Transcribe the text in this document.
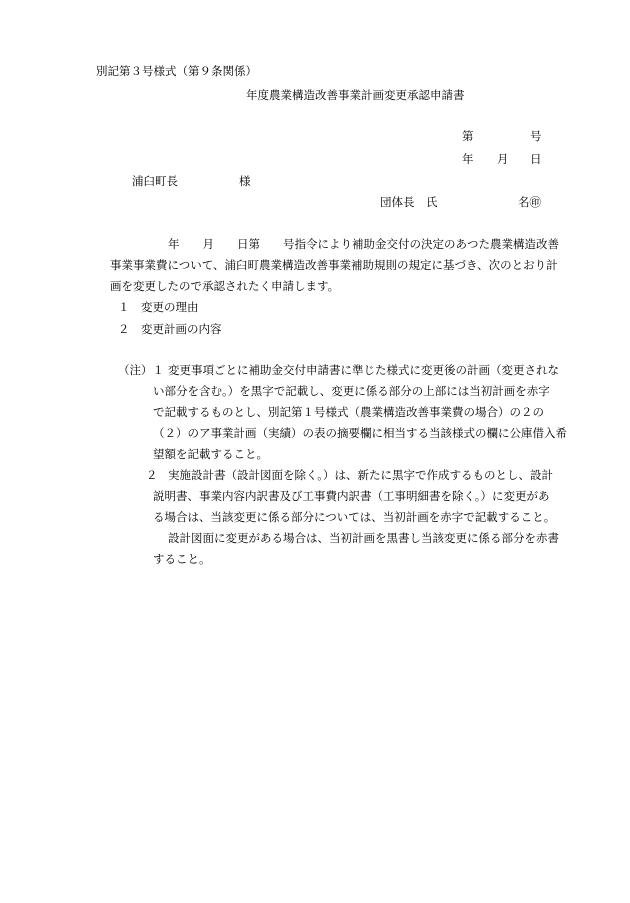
別記第３号様式（第９条関係）
年度農業構造改善事業計画変更承認申請書
第	号
年 月 日
浦臼町長	様
団体長　氏	名㊞
年　　月　　日第　　号指令により補助金交付の決定のあつた農業構造改善
事業事業費について、浦臼町農業構造改善事業補助規則の規定に基づき、次のとおり計
画を変更したので承認されたく申請します。
１　変更の理由
２　変更計画の内容
（注）１ 変更事項ごとに補助金交付申請書に準じた様式に変更後の計画（変更されな
い部分を含む。）を黒字で記載し、変更に係る部分の上部には当初計画を赤字
で記載するものとし、別記第１号様式（農業構造改善事業費の場合）の２の
（２）のア事業計画（実績）の表の摘要欄に相当する当該様式の欄に公庫借入希
望額を記載すること。
２ 実施設計書（設計図面を除く。）は、新たに黒字で作成するものとし、設計
説明書、事業内容内訳書及び工事費内訳書（工事明細書を除く。）に変更があ
る場合は、当該変更に係る部分については、当初計画を赤字で記載すること。
設計図面に変更がある場合は、当初計画を黒書し当該変更に係る部分を赤書
すること。
